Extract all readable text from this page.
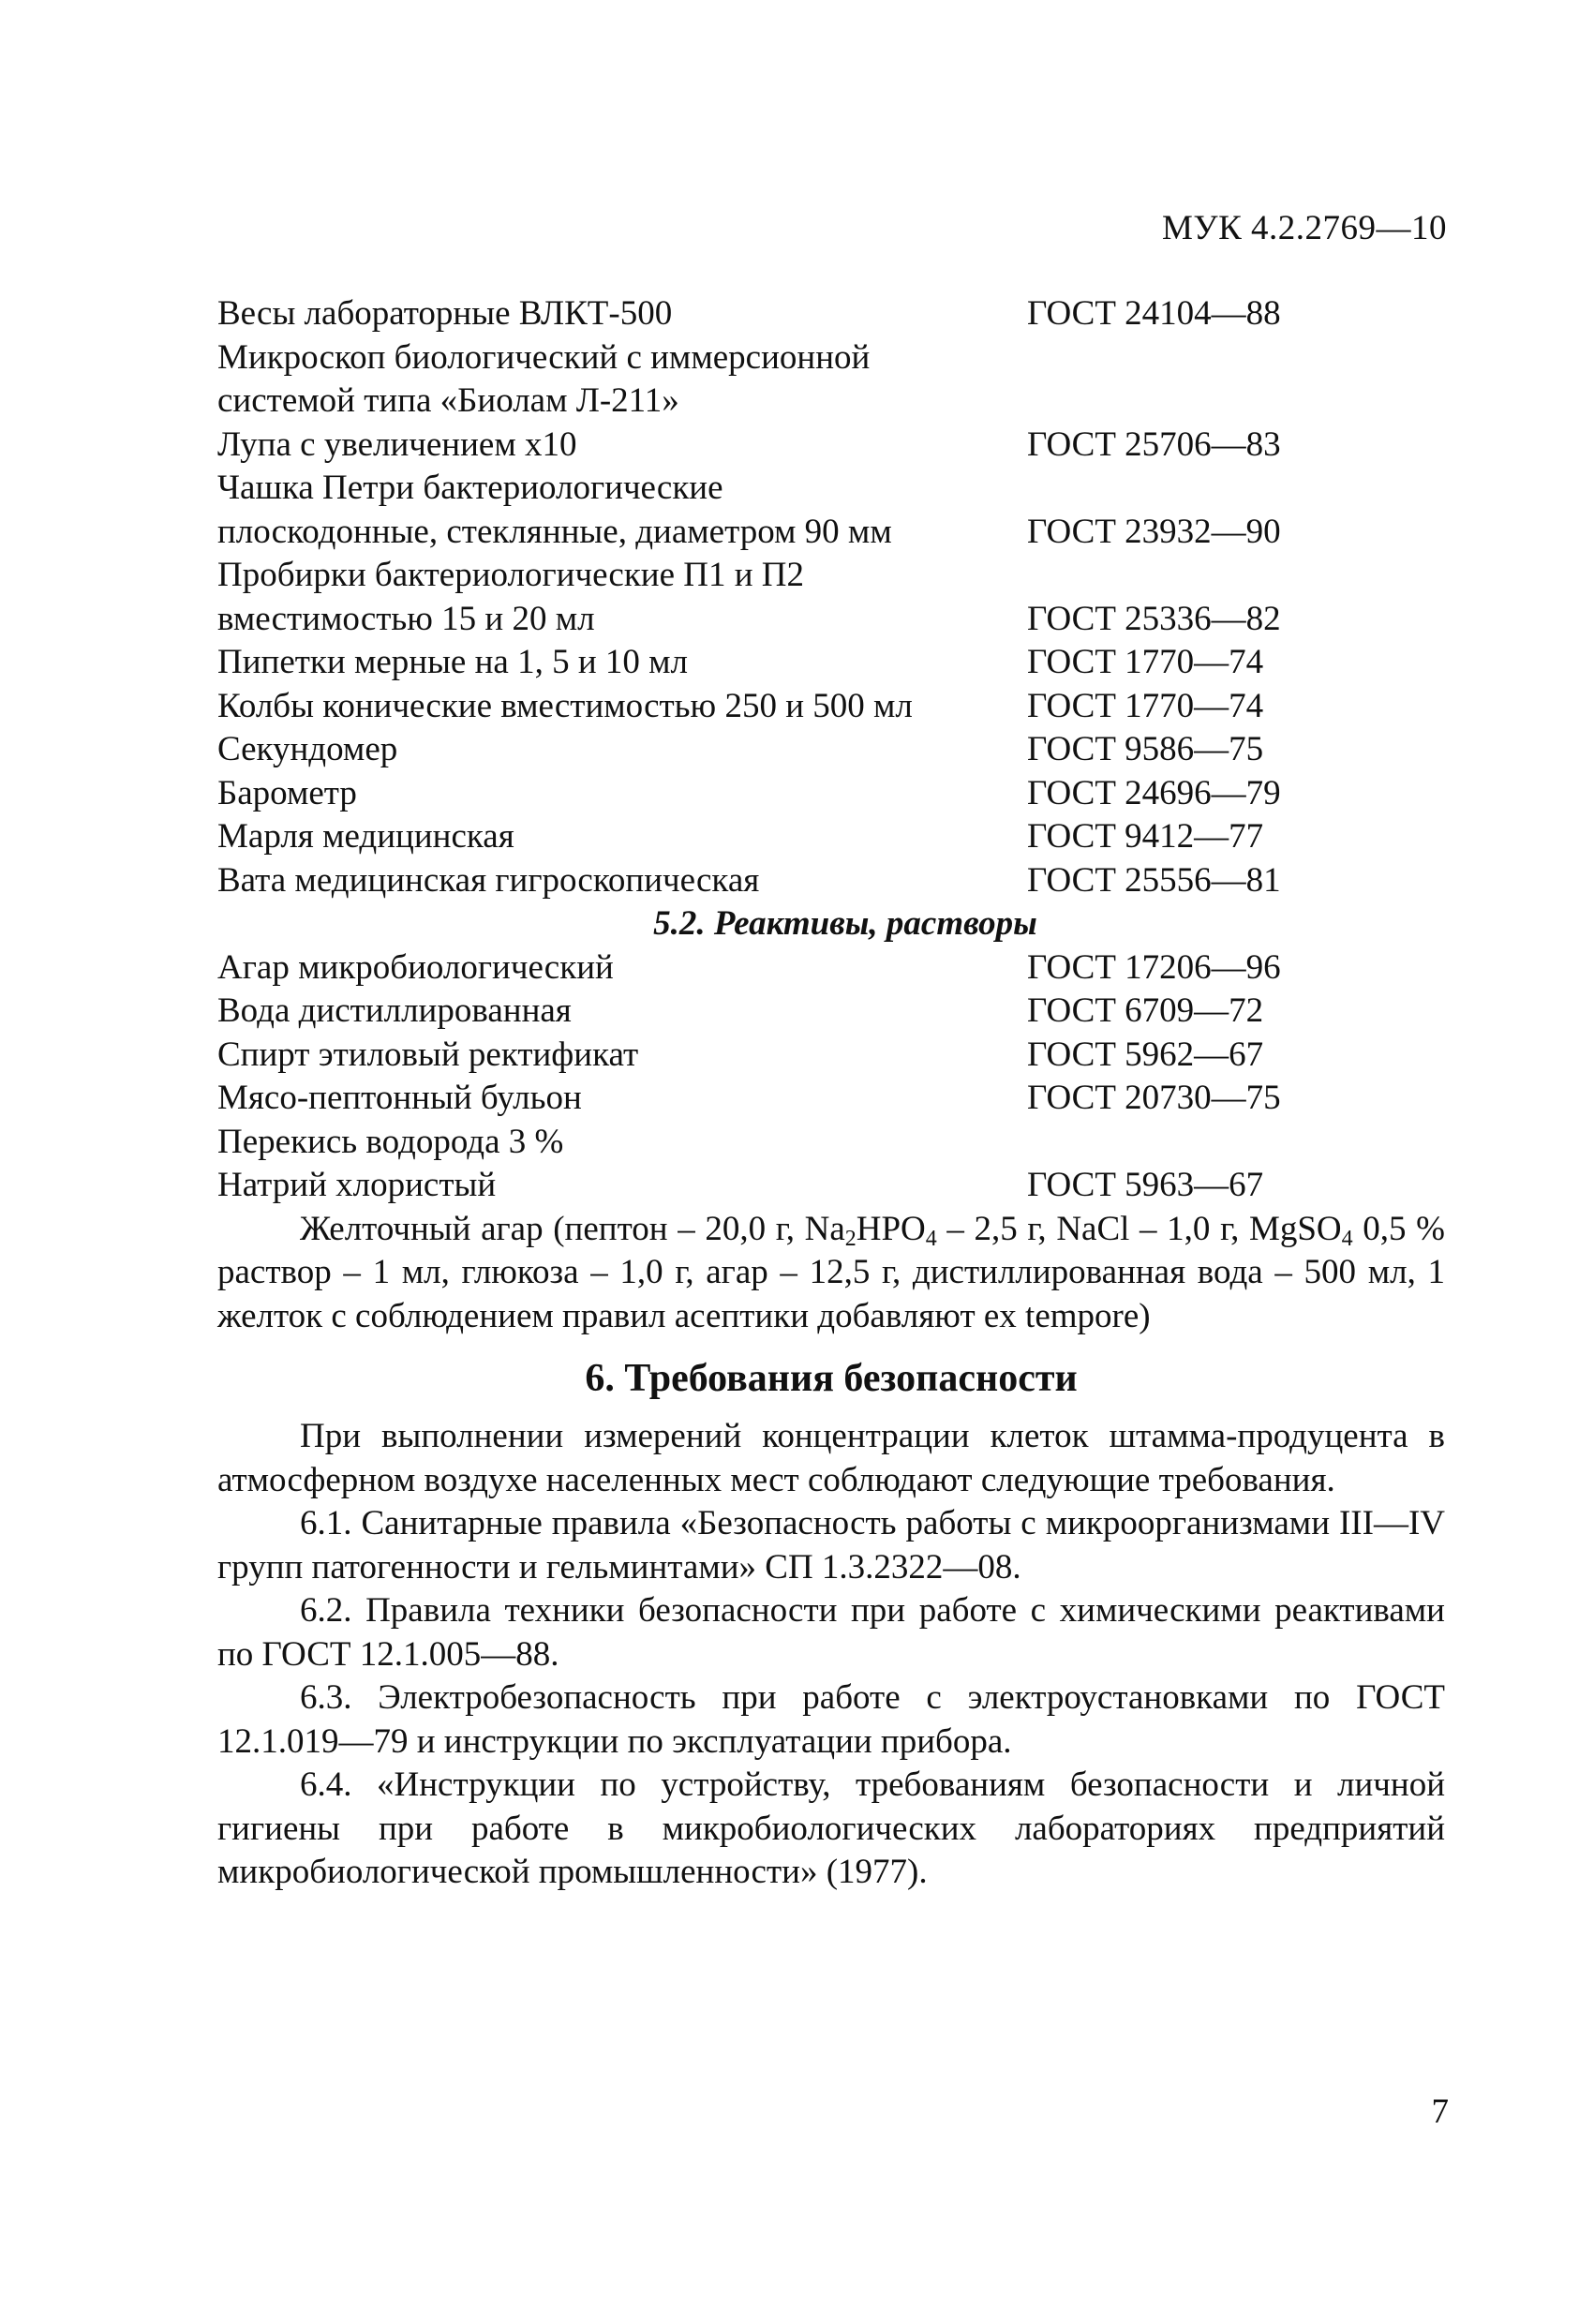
МУК 4.2.2769—10
Весы лабораторные ВЛКТ-500	ГОСТ 24104—88
Микроскоп биологический с иммерсионной
системой типа «Биолам Л-211»
Лупа с увеличением x10	ГОСТ 25706—83
Чашка Петри бактериологические
плоскодонные, стеклянные, диаметром 90 мм	ГОСТ 23932—90
Пробирки бактериологические П1 и П2
вместимостью 15 и 20 мл	ГОСТ 25336—82
Пипетки мерные на 1, 5 и 10 мл	ГОСТ 1770—74
Колбы конические вместимостью 250 и 500 мл	ГОСТ 1770—74
Секундомер	ГОСТ 9586—75
Барометр	ГОСТ 24696—79
Марля медицинская	ГОСТ 9412—77
Вата медицинская гигроскопическая	ГОСТ 25556—81
5.2. Реактивы, растворы
Агар микробиологический	ГОСТ 17206—96
Вода дистиллированная	ГОСТ 6709—72
Спирт этиловый ректификат	ГОСТ 5962—67
Мясо-пептонный бульон	ГОСТ 20730—75
Перекись водорода 3 %
Натрий хлористый	ГОСТ 5963—67

Желточный агар (пептон – 20,0 г, $Na_2HPO_4 - 2,5$ г, NaCl – 1,0 г, MgSO$_4$ 0,5 % раствор – 1 мл, глюкоза – 1,0 г, агар – 12,5 г, дистиллированная вода – 500 мл, 1 желток с соблюдением правил асептики добавляют ex tempore)

6. Требования безопасности

При выполнении измерений концентрации клеток штамма-продуцента в атмосферном воздухе населенных мест соблюдают следующие требования.

6.1. Санитарные правила «Безопасность работы с микроорганизмами III—IV групп патогенности и гельминтами» СП 1.3.2322—08.

6.2. Правила техники безопасности при работе с химическими реактивами по ГОСТ 12.1.005—88.

6.3. Электробезопасность при работе с электроустановками по ГОСТ 12.1.019—79 и инструкции по эксплуатации прибора.

6.4. «Инструкции по устройству, требованиям безопасности и личной гигиены при работе в микробиологических лабораториях предприятий микробиологической промышленности» (1977).

7
